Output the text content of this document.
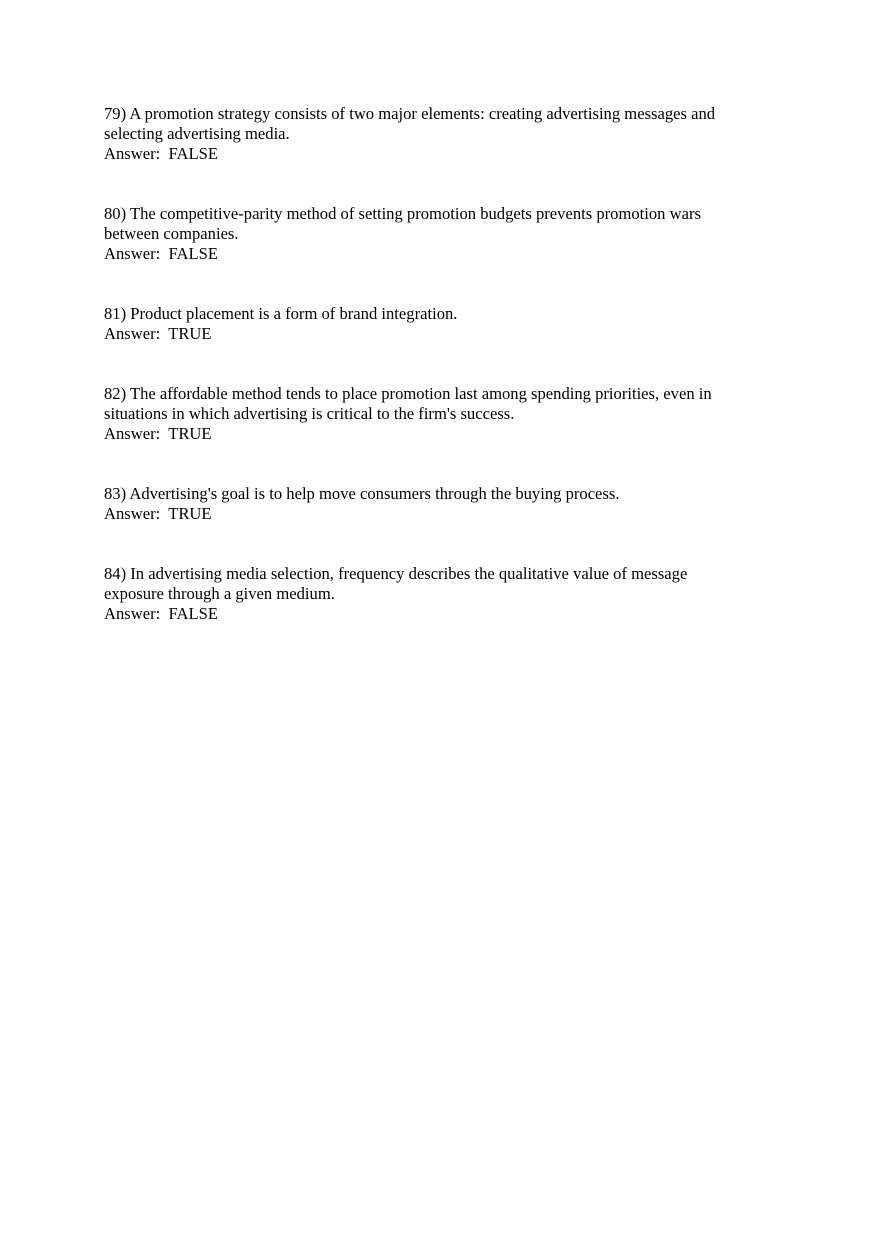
79) A promotion strategy consists of two major elements: creating advertising messages and

selecting advertising media.

Answer:  FALSE

80) The competitive-parity method of setting promotion budgets prevents promotion wars

between companies.

Answer:  FALSE

81) Product placement is a form of brand integration.

Answer:  TRUE

82) The affordable method tends to place promotion last among spending priorities, even in

situations in which advertising is critical to the firm's success.

Answer:  TRUE

83) Advertising's goal is to help move consumers through the buying process.

Answer:  TRUE

84) In advertising media selection, frequency describes the qualitative value of message

exposure through a given medium.

Answer:  FALSE
